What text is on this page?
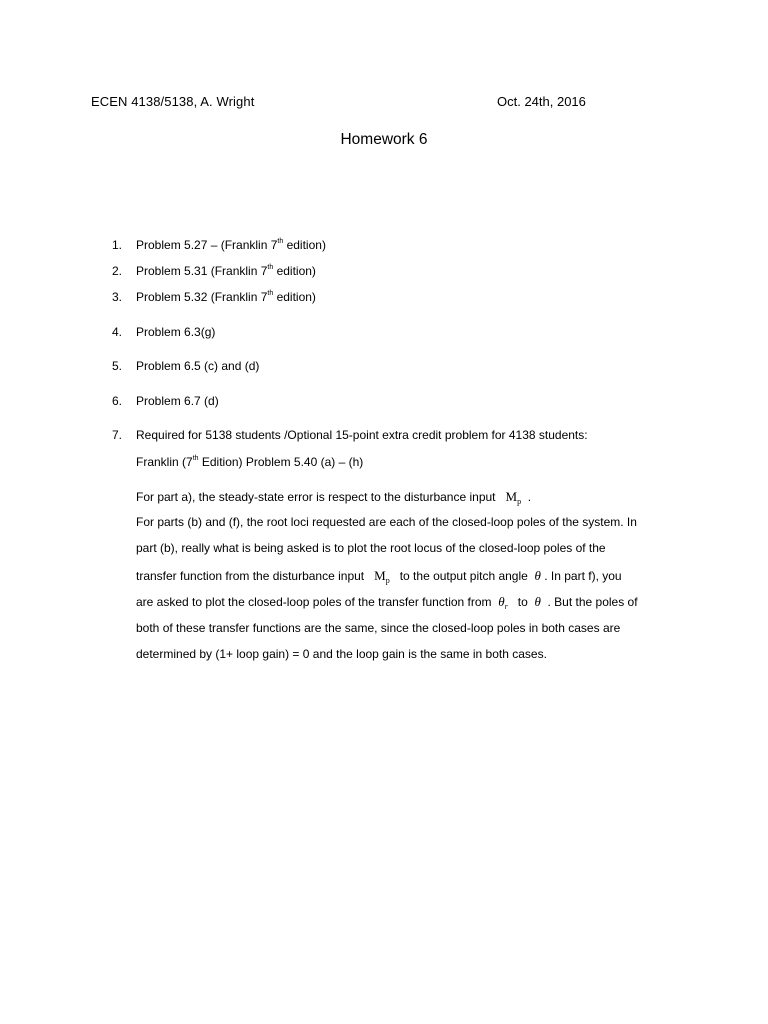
ECEN 4138/5138, A. Wright	Oct. 24th, 2016
Homework 6
1. Problem 5.27 – (Franklin 7th edition)
2. Problem 5.31 (Franklin 7th edition)
3. Problem 5.32 (Franklin 7th edition)
4. Problem 6.3(g)
5. Problem 6.5 (c) and (d)
6. Problem 6.7 (d)
7. Required for 5138 students /Optional 15-point extra credit problem for 4138 students:
Franklin (7th Edition) Problem 5.40 (a) – (h)
For part a), the steady-state error is respect to the disturbance input $M_p$ .
For parts (b) and (f), the root loci requested are each of the closed-loop poles of the system. In
part (b), really what is being asked is to plot the root locus of the closed-loop poles of the
transfer function from the disturbance input $M_p$ to the output pitch angle θ . In part f), you
are asked to plot the closed-loop poles of the transfer function from $\theta_r$ to θ . But the poles of
both of these transfer functions are the same, since the closed-loop poles in both cases are
determined by (1+ loop gain) = 0 and the loop gain is the same in both cases.
